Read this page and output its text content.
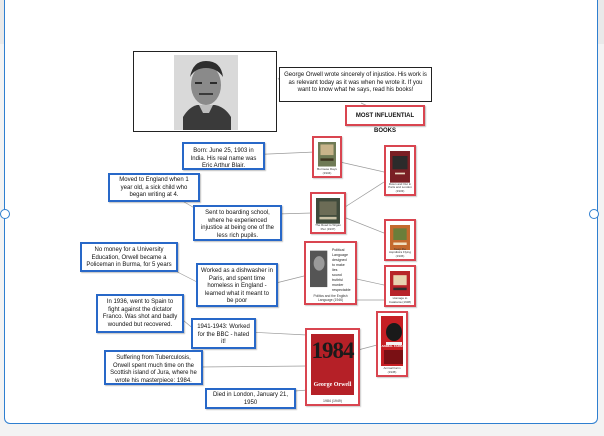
George Orwell wrote sincerely of injustice. His work is as relevant today as it was when he wrote it. If you want to know what he says, read his books!
MOST INFLUENTIAL BOOKS
Born: June 25, 1903 in India. His real name was Eric Arthur Blair.
Moved to England when 1 year old, a sick child who began writing at 4.
Sent to boarding school, where he experienced injustice at being one of the less rich pupils.
No money for a University Education, Orwell became a Policeman in Burma, for 5 years
Worked as a dishwasher in Paris, and spent time homeless in England - learned what it meant to be poor
In 1936, went to Spain to fight against the dictator Franco. Was shot and badly wounded but recovered.	1941-1943: Worked for the BBC - hated it!
Suffering from Tuberculosis, Orwell spent much time on the Scottish island of Jura, where he wrote his masterpiece: 1984.
Died in London, January 21, 1950
Burmese Days (1934)
Down and Out in Paris and London (1933)
The Road to Wigan Pier (1937)
Political
Language
designed
to make
lies
sound
truthful
murder
respectable
Politics and the English Language (1946)
Keep the Aspidistra Flying (1936)
Homage to Catalonia (1938)
1984
George Orwell
1984 (1949)
ANIMAL FARM
Animal Farm (1945)
